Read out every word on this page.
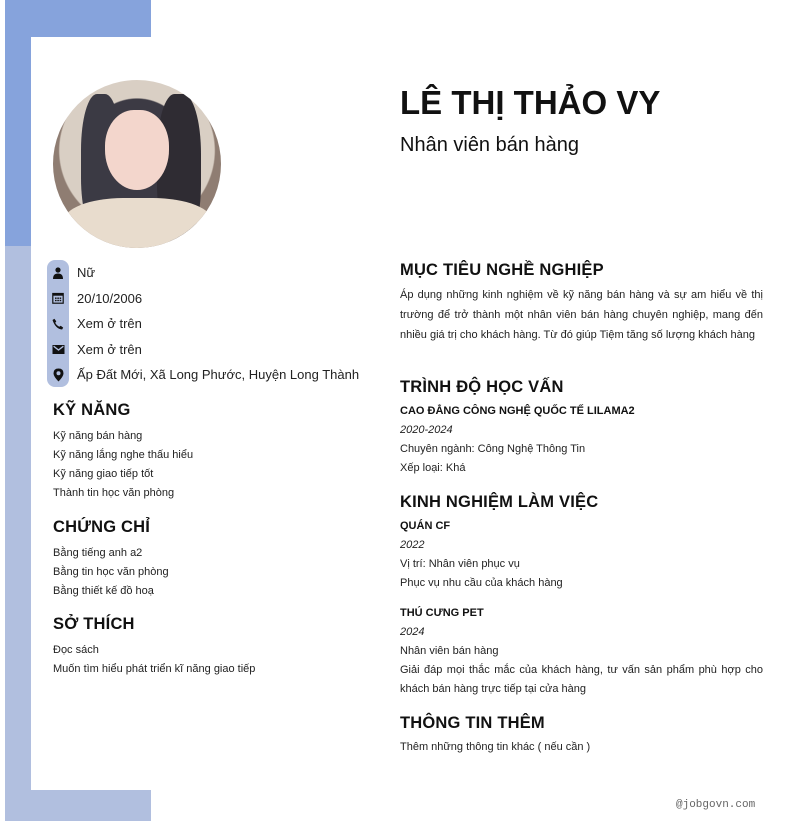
Nữ
20/10/2006
Xem ở trên
Xem ở trên
Ấp Đất Mới, Xã Long Phước, Huyện Long Thành
KỸ NĂNG
Kỹ năng bán hàng
Kỹ năng lắng nghe thấu hiểu
Kỹ năng giao tiếp tốt
Thành tin học văn phòng
CHỨNG CHỈ
Bằng tiếng anh a2
Bằng tin học văn phòng
Bằng thiết kế đồ hoạ
SỞ THÍCH
Đọc sách
Muốn tìm hiểu phát triển kĩ năng giao tiếp
LÊ THỊ THẢO VY
Nhân viên bán hàng
MỤC TIÊU NGHỀ NGHIỆP
Áp dụng những kinh nghiệm về kỹ năng bán hàng và sự am hiểu về thị trường để trở thành một nhân viên bán hàng chuyên nghiệp, mang đến nhiều giá trị cho khách hàng. Từ đó giúp Tiệm tăng số lượng khách hàng
TRÌNH ĐỘ HỌC VẤN
CAO ĐẲNG CÔNG NGHỆ QUỐC TẾ LILAMA2
2020-2024
Chuyên ngành: Công Nghệ Thông Tin
Xếp loại: Khá
KINH NGHIỆM LÀM VIỆC
QUÁN CF
2022
Vị trí: Nhân viên phục vụ
Phục vụ nhu cầu của khách hàng
THÚ CƯNG PET
2024
Nhân viên bán hàng
Giải đáp mọi thắc mắc của khách hàng, tư vấn sản phẩm phù hợp cho khách bán hàng trực tiếp tại cửa hàng
THÔNG TIN THÊM
Thêm những thông tin khác ( nếu cần )
@jobgovn.com
